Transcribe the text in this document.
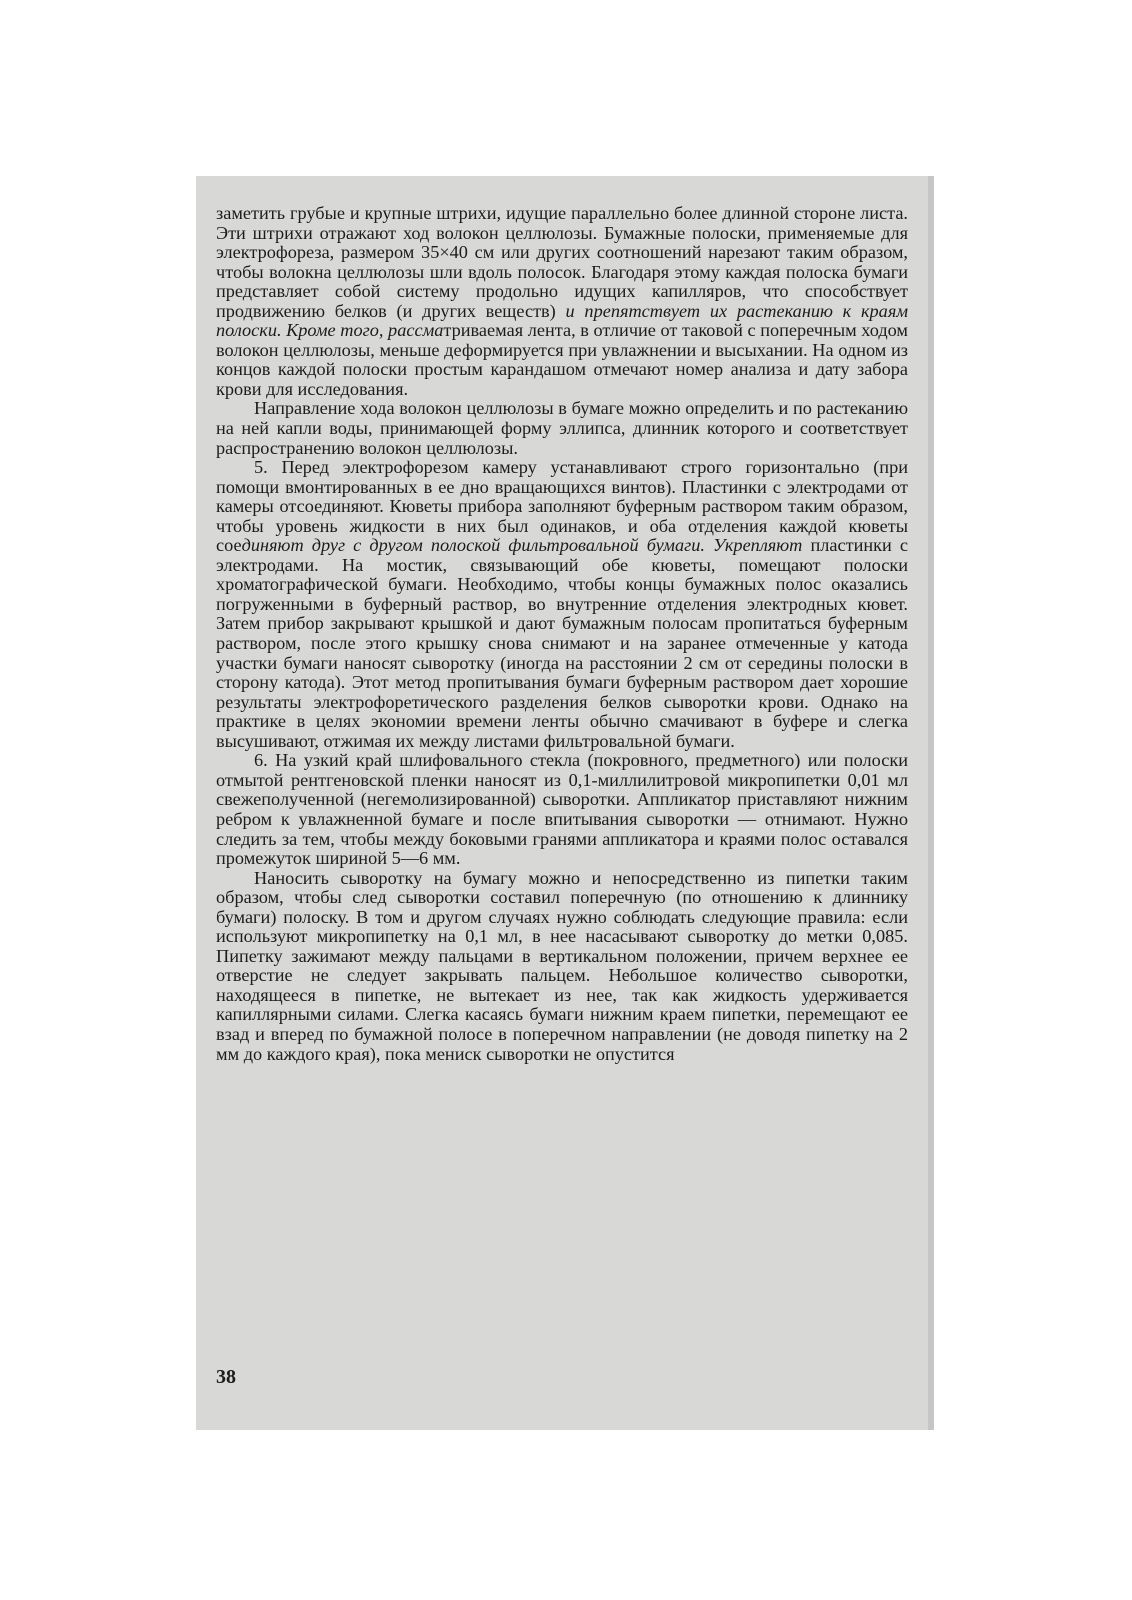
заметить грубые и крупные штрихи, идущие параллельно более длинной стороне листа. Эти штрихи отражают ход волокон целлюлозы. Бумажные полоски, применяемые для электрофореза, размером 35×40 см или других соотношений нарезают таким образом, чтобы волокна целлюлозы шли вдоль полосок. Благодаря этому каждая полоска бумаги представляет собой систему продольно идущих капилляров, что способствует продвижению белков (и других веществ) и препятствует их растеканию к краям полоски. Кроме того, рассматриваемая лента, в отличие от таковой с поперечным ходом волокон целлюлозы, меньше деформируется при увлажнении и высыхании. На одном из концов каждой полоски простым карандашом отмечают номер анализа и дату забора крови для исследования.

Направление хода волокон целлюлозы в бумаге можно определить и по растеканию на ней капли воды, принимающей форму эллипса, длинник которого и соответствует распространению волокон целлюлозы.

5. Перед электрофорезом камеру устанавливают строго горизонтально (при помощи вмонтированных в ее дно вращающихся винтов). Пластинки с электродами от камеры отсоединяют. Кюветы прибора заполняют буферным раствором таким образом, чтобы уровень жидкости в них был одинаков, и оба отделения каждой кюветы соединяют друг с другом полоской фильтровальной бумаги. Укрепляют пластинки с электродами. На мостик, связывающий обе кюветы, помещают полоски хроматографической бумаги. Необходимо, чтобы концы бумажных полос оказались погруженными в буферный раствор, во внутренние отделения электродных кювет. Затем прибор закрывают крышкой и дают бумажным полосам пропитаться буферным раствором, после этого крышку снова снимают и на заранее отмеченные у катода участки бумаги наносят сыворотку (иногда на расстоянии 2 см от середины полоски в сторону катода). Этот метод пропитывания бумаги буферным раствором дает хорошие результаты электрофоретического разделения белков сыворотки крови. Однако на практике в целях экономии времени ленты обычно смачивают в буфере и слегка высушивают, отжимая их между листами фильтровальной бумаги.

6. На узкий край шлифовального стекла (покровного, предметного) или полоски отмытой рентгеновской пленки наносят из 0,1-миллилитровой микропипетки 0,01 мл свежеполученной (негемолизированной) сыворотки. Аппликатор приставляют нижним ребром к увлажненной бумаге и после впитывания сыворотки — отнимают. Нужно следить за тем, чтобы между боковыми гранями аппликатора и краями полос оставался промежуток шириной 5—6 мм.

Наносить сыворотку на бумагу можно и непосредственно из пипетки таким образом, чтобы след сыворотки составил поперечную (по отношению к длиннику бумаги) полоску. В том и другом случаях нужно соблюдать следующие правила: если используют микропипетку на 0,1 мл, в нее насасывают сыворотку до метки 0,085. Пипетку зажимают между пальцами в вертикальном положении, причем верхнее ее отверстие не следует закрывать пальцем. Небольшое количество сыворотки, находящееся в пипетке, не вытекает из нее, так как жидкость удерживается капиллярными силами. Слегка касаясь бумаги нижним краем пипетки, перемещают ее взад и вперед по бумажной полосе в поперечном направлении (не доводя пипетку на 2 мм до каждого края), пока мениск сыворотки не опустится

38
